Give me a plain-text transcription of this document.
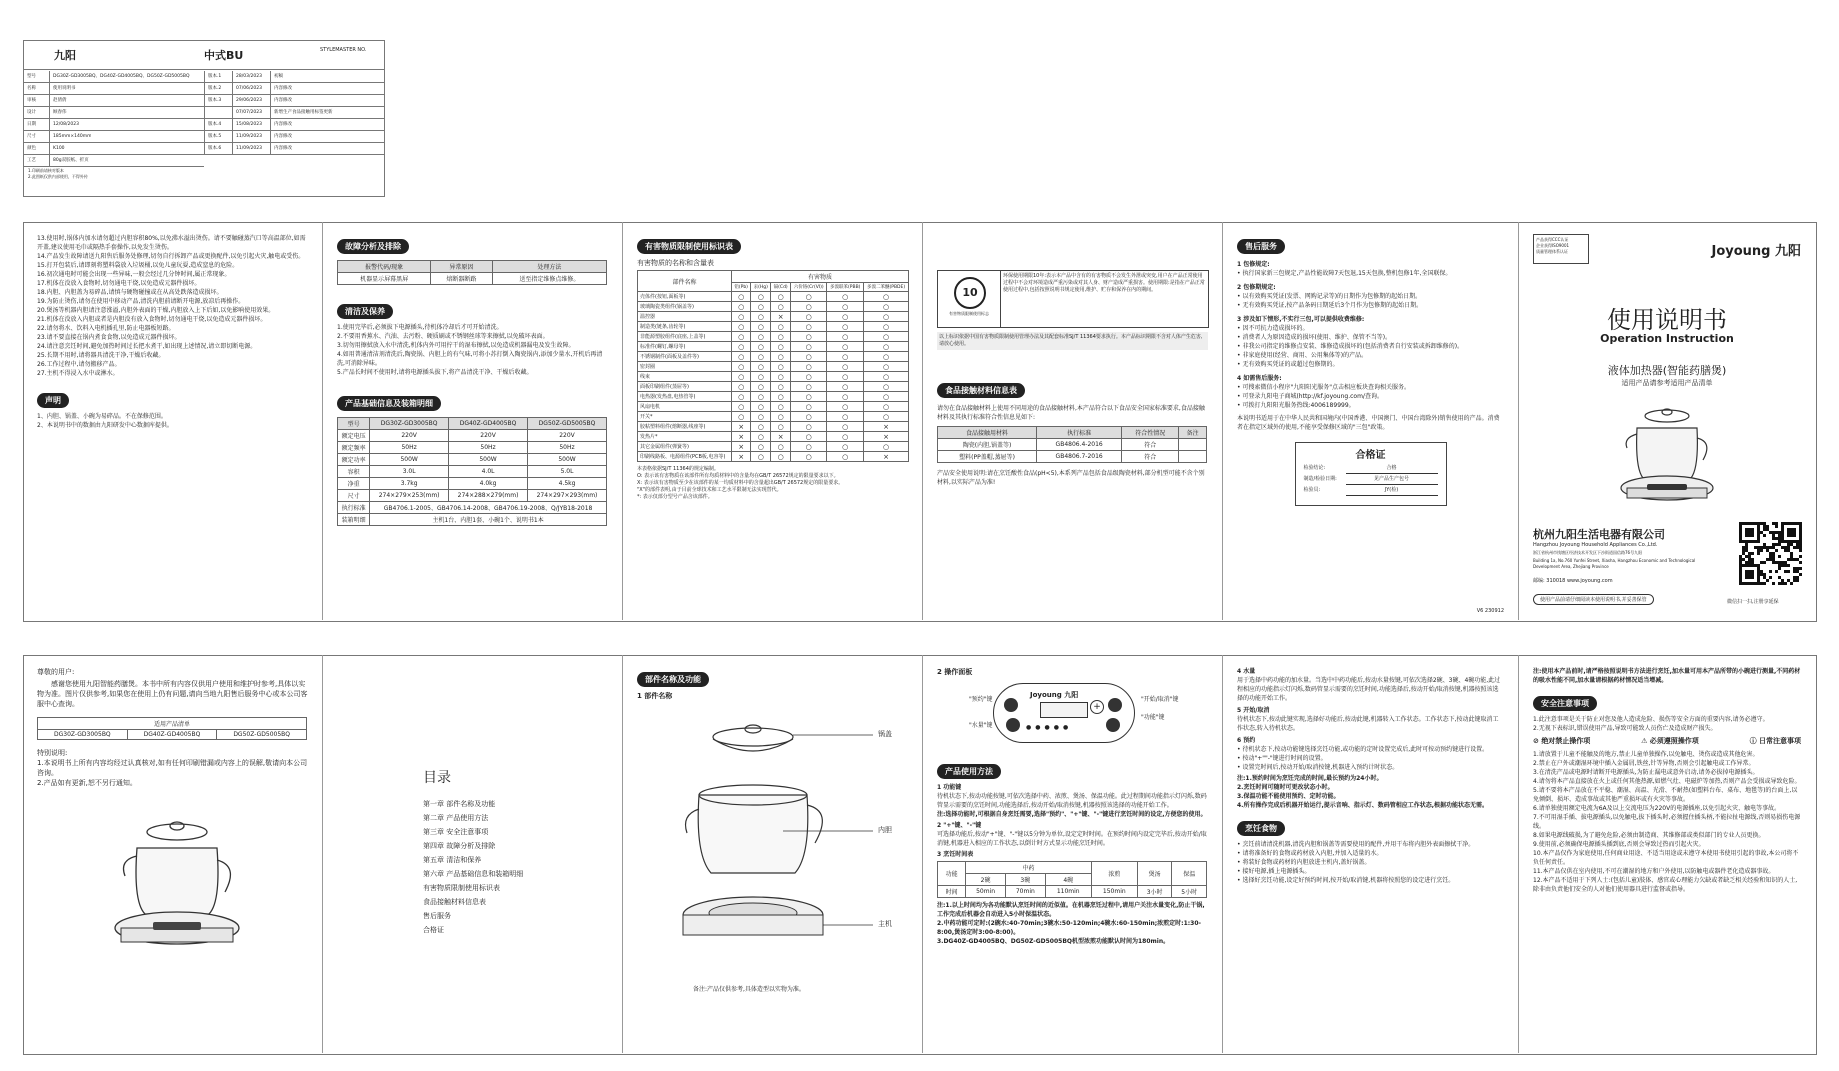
九阳	中式BU	STYLEMASTER NO.
型号	DG30Z-GD3005BQ、DG40Z-GD4005BQ、DG50Z-GD5005BQ
名称	使用说明书
审核	赵倩倩
设计	顾春伟
日期	12/08/2023
尺寸	185mm×140mm
颜色	K100
工艺	80g双胶纸、折页
版本.1	28/03/2023	初稿
版本.2	07/06/2023	内容修改
版本.3	29/06/2023	内容修改
07/07/2023	新增生产食品接触用标签更新
版本.4	15/08/2023	内容修改
版本.5	11/09/2023	内容修改
版本.6	11/09/2023	内容修改
1.印刷前请核对版本
2.此图纸仅供内部使用，不得外传
13.使用时,锅体内加水请勿超过内胆容积80%,以免沸水溢出烫伤。请不要触碰蒸汽口等高温部位,如需开盖,建议使用毛巾或隔热手套操作,以免发生烫伤。
14.产品发生故障请送九阳售后服务处修理,切勿自行拆卸产品或更换配件,以免引起火灾,触电或受伤。
15.打开包装后,请即刻将塑料袋放入垃圾桶,以免儿童玩耍,造成窒息的危险。
16.初次通电时可能会出现一些异味,一般会经过几分钟时间,属正常现象。
17.机体在没放入食物时,切勿通电干烧,以免造成元器件损坏。
18.内胆、内胆盖为易碎品,请慎与硬物碰撞或在从高处跌落造成损坏。
19.为防止烫伤,请勿在使用中移动产品,清洗内胆前请断开电源,放凉后再操作。
20.煲汤等机器内胆请注意涨溢,内胆外表面的干燥,内胆放入上下后如,以免影响使用效果。
21.机体在没放入内胆或者是内胆没有放入食物时,切勿通电干烧,以免造成元器件损坏。
22.请勿将水、饮料入电机插孔里,防止电器板短路。
23.请不要直接在锅内煮食食物,以免造成元器件损坏。
24.请注意烹饪时间,避免加热时间过长把水煮干,如出现上述情况,请立即切断电源。
25.长期不用时,请将器具清洗干净,干燥后收藏。
26.工作过程中,请勿搬移产品。
27.主机不得浸入水中或淋水。
声明
1、内胆、锅盖、小碗为易碎品。不在保修范围。
2、本说明书中的数据由九阳研发中心数据库提供。
故障分析及排除
报警代码/现象	异常原因	处理方法
机器显示屏幕黑屏	熔断器断路	送至指定维修点维修。
清洁及保养
1.使用完毕后,必须拔下电源插头,待机体冷却后才可开始清洗。
2.不要用香蕉水、汽油、去污粉、硬质刷或不锈钢丝球等来擦拭,以免破坏表面。
3.切勿用擦拭放入水中清洗,机体内外可用拧干的湿布擦拭,以免造成机器漏电及发生故障。
4.如用普通清洁剂清洗后,陶瓷锅、内胆上的有气味,可将小苏打倒入陶瓷锅内,添加少量水,开机后再清洗,可消除异味。
5.产品长时间不使用时,请将电源插头拔下,将产品清洗干净、干燥后收藏。
产品基础信息及装箱明细
型号	DG30Z-GD3005BQ	DG40Z-GD4005BQ	DG50Z-GD5005BQ
额定电压	220V	220V	220V
额定频率	50Hz	50Hz	50Hz
额定功率	500W	500W	500W
容积	3.0L	4.0L	5.0L
净重	3.7kg	4.0kg	4.5kg
尺寸	274×279×253(mm)	274×288×279(mm)	274×297×293(mm)
执行标准	GB4706.1-2005、GB4706.14-2008、GB4706.19-2008、Q/JYB18-2018		
装箱明细	主机1台、内胆1套、小碗1个、说明书1本		
有害物质限制使用标识表
有害物质的名称和含量表
部件名称	有害物质					
	铅(Pb)	汞(Hg)	镉(Cd)	六价铬(Cr(VI))	多溴联苯(PBB)	多溴二苯醚(PBDE)
壳体件(按钮,面板等)	○	○	○	○	○	○
玻璃陶瓷类组件(锅盖等)	○	○	○	○	○	○
温控器	○	○	×	○	○	○
制造类(链条,齿轮等)	○	○	○	○	○	○
非能源塑胶组件(底座,上盖等)	○	○	○	○	○	○
标准件(螺钉,螺母等)	○	○	○	○	○	○
不锈钢制件(面板及盖件等)	○	○	○	○	○	○
密封圈	○	○	○	○	○	○
线束	○	○	○	○	○	○
面板印刷组件(蒸屉等)	○	○	○	○	○	○
电热器(发热盘,电热管等)	○	○	○	○	○	○
风扇电机	○	○	○	○	○	○
开关*	○	○	○	○	○	○
胶粘塑料组件(熔断器,线座等)	×	○	○	○	○	×
发热片*	×	○	×	○	○	×
其它金属组件(弹簧等)	×	○	○	○	○	○
印刷线路板、电源组件(PCB板,电容等)	×	○	○	○	○	×
本表格依据SJ/T 11364的规定编制。
O: 表示该有害物质在该部件所有均质材料中的含量均在GB/T 26572规定的限量要求以下。
X: 表示该有害物质至少在该部件的某一均质材料中的含量超出GB/T 26572规定的限量要求。
"X"的部件表明,由于目前全球技术和工艺水平限制无法实现替代。
*: 表示仅部分型号产品含该部件。
10
有害物质限制使用标志
环保使用期限10年:表示本产品中含有的有害物质不会发生外泄或突变,用户在产品正常使用过程中不会对环境造成严重污染或对其人身、财产造成严重损害。使用期限:是指在产品正常使用过程中,包括按照说明书规定使用,维护、贮存和保养在内的期间。
以上标识依据中国有害物质限制使用管理办法及其配套标准SJ/T 11364要求执行。本产品标识期限不含对人体产生危害,请放心使用。
食品接触材料信息表
请勿在食品接触材料上使用不同用途的食品接触材料,本产品符合以下食品安全国家标准要求,食品接触材料及其执行标准符合性信息见如下:
食品接触用材料	执行标准	符合性情况	备注
陶瓷(内胆,锅盖等)	GB4806.4-2016	符合	
塑料(PP盖帽,蒸屉等)	GB4806.7-2016	符合	
产品安全使用说明:请在烹饪酸性食品(pH<5),本系列产品包括食品级陶瓷材料,部分机型可能不含个别材料,以实际产品为准!
售后服务
1 包修规定:
• 执行国家新三包规定,产品性能故障7天包退,15天包换,整机包修1年,全国联保。
2 包修期规定:
• 以有效购买凭证(发票、网购记录等)的日期作为包修期的起始日期。
• 无有效购买凭证,按产品条码日期延后3个月作为包修期的起始日期。
3 涉及如下情形,不实行三包,可以提供收费维修:
• 因不可抗力造成损坏的。
• 消费者人为原因造成的损坏(使用、维护、保管不当等)。
• 非我公司指定的维修点安装、维修造成损坏的(包括消费者自行安装或拆卸维修的)。
• 非家庭使用(经营、商用、公用集体等)的产品。
• 无有效购买凭证的或超过包修期的。
4 如需售后服务:
• 可搜索微信小程序"九阳阳光服务"点击相应板块查询相关服务。
• 可登录九阳电子商城(http://kf.joyoung.com/查询。
• 可拨打九阳阳光服务热线:4006189999。
本说明书适用于在中华人民共和国境内(中国香港、中国澳门、中国台湾除外)销售使用的产品。消费者在指定区域外的使用,不能享受保修区域的"三包"政策。
合格证
检验结论:	合格
制造/检验日期:	见产品生产包号
检验员:	JY(检)
V6 230912
产品获得CCC认证
企业获得ISO9001
质量管理体系认证	Joyoung 九阳
使用说明书
Operation Instruction
液体加热器(智能药膳煲)
适用产品请参考适用产品清单
杭州九阳生活电器有限公司
Hangzhou Joyoung Household Appliances Co.,Ltd.
浙江省杭州市钱塘区经济技术开发区下沙街道国信路76号九阳
Building 1a, No.760 Yunfei Street, Xiasha, Hangzhou Economic and Technological Development Area, Zhejiang Province
邮编: 310018 www.joyoung.com
使用产品前请仔细阅读本使用说明书,并妥善保管	微信扫一扫,注册享延保
尊敬的用户:
感谢您使用九阳智能药膳煲。本书中所有内容仅供用户使用和维护时参考,具体以实物为准。图片仅供参考,如果您在使用上仍有问题,请向当地九阳售后服务中心或本公司客服中心查询。
适用产品清单
DG30Z-GD3005BQ	DG40Z-GD4005BQ	DG50Z-GD5005BQ
特别说明:
1.本说明书上所有内容均经过认真核对,如有任何印刷错漏或内容上的误解,敬请向本公司咨询。
2.产品如有更新,恕不另行通知。	目录
第一章 部件名称及功能
第二章 产品使用方法
第三章 安全注意事项
第四章 故障分析及排除
第五章 清洁和保养
第六章 产品基础信息和装箱明细
有害物质限制使用标识表
食品接触材料信息表
售后服务
合格证
部件名称及功能
1 部件名称
锅盖
内胆
主机
备注:产品仅供参考,具体造型以实物为准。
2 操作面板
Joyoung 九阳
+
●●●●●
"预约"键
"水量"键
"开始/取消"键
"功能"键
产品使用方法
1 功能键
待机状态下,按动功能按键,可依次选择中药、浓煎、煲汤、保温功能。此过程期间功能指示灯闪烁,数码管显示需要的烹饪时间,功能选择后,按动开始/取消按键,机器按照该选择的功能开始工作。
注:选择功能时,可根据自身烹饪需要,选择"预约"、"+"键、"-"键进行烹饪时间的设定,方便您的使用。
2 "+"键、"-"键
可选择功能后,按动"+"键、"-"键以5分钟为单位,设定定时时间。在预约时间内设定完毕后,按动开始/取消键,机器进入相应的工作状态,以倒计时方式显示功能烹饪时间。
3 烹饪时间表
功能	中药			浓煎	煲汤	保温
	2碗	3碗	4碗			
时间	50min	70min	110min	150min	3小时	5小时
注:1.以上时间均为各功能默认烹饪时间的近似值。在机器烹饪过程中,请用户关注水量变化,防止干锅,工作完成后机器会自动进入5小时保温状态。
2.中药功能可定时:(2碗水:40-70min;3碗水:50-120min;4碗水:60-150min;浓煎定时:1:30-8:00,煲汤定时3:00-8:00)。
3.DG40Z-GD4005BQ、DG50Z-GD5005BQ机型浓煎功能默认时间为180min。
4 水量
用于选择中药功能的加水量。当选中中药功能后,按动水量按键,可依次选择2碗、3碗、4碗功能,此过程相应的功能指示灯闪烁,数码管显示需要的烹饪时间,功能选择后,按动开始/取消按键,机器按照该选择的功能开始工作。
5 开始/取消
待机状态下,按动此键实现,选择好功能后,按动此键,机器转入工作状态。工作状态下,按动此键取消工作状态,转入待机状态。
6 预约
• 待机状态下,按动功能键选择烹饪功能,或功能的定时设置完成后,此时可按动预约键进行设置。
• 按动"+""-"键进行时间的设置。
• 设置完时间后,按动开始/取消按键,机器进入预约计时状态。
注:1.预约时间为烹饪完成的时间,最长预约为24小时。
2.烹饪时间可随时可更改状态小时。
3.保温功能不能使用预约、定时功能。
4.所有操作完成后机器开始运行,提示音响、指示灯、数码管相应工作状态,根据功能状态无需。
烹饪食物
• 烹饪前请清洗机器,清洗内胆和锅盖等需要使用的配件,并用干布将内胆外表面擦拭干净。
• 请将准备好的食物或药材放入内胆,并加入适量的水。
• 将装好食物或药材的内胆放进主机内,盖好锅盖。
• 接好电源,插上电源插头。
• 选择好烹饪功能,设定好预约时间,按开始/取消键,机器将按照您的设定进行烹饪。
注:使用本产品前时,请严格按照说明书方法进行烹饪,加水量可用本产品所带的小碗进行测量,不同药材的吸水性能不同,加水量请根据药材情况适当增减。
安全注意事项
1.此注意事项是关于防止对您及他人造成危险、损伤等安全方面的重要内容,请务必遵守。
2.无视下表标识,错误使用产品,导致可能致人员伤亡及造成财产损失。
⊘ 绝对禁止操作项	⚠ 必须遵照操作项	ⓘ 日常注意事项
1.请放置于儿童不能触及的地方,禁止儿童单独操作,以免触电、烫伤或造成其他危害。
2.禁止在户外或潮湿环境中插入金属屑,铁丝,针等异物,否则会引起触电或工作异常。
3.在清洗产品或电源时请断开电源插头,为防止漏电或意外启动,请务必拔掉电源插头。
4.请勿将本产品直接放在火上或任何其他热源,如燃气灶、电磁炉等加热,否则产品会受损或导致危险。
5.请不要将本产品放在不平稳、潮湿、高温、光滑、不耐热(如塑料台布、桌布、地毯等)的台面上,以免倾倒、损坏、造成事故或其他严重损坏或有火灾等事故。
6.请单独使用额定电流为6A及以上交流电压为220V的电源插座,以免引起火灾、触电等事故。
7.不可用湿手插、拔电源插头,以免触电,拔下插头时,必须握住插头柄,不能拉扯电源线,否则易损伤电源线。
8.如果电源线破损,为了避免危险,必须由制造商、其维修部或类似部门的专业人员更换。
9.使用前,必须确保电源插头插到底,否则会导致过热而引起火灾。
10.本产品仅作为家庭使用,任何商业用途、不适当用途或未遵守本使用书使用引起的事故,本公司将不负任何责任。
11.本产品仅供在室内使用,不可在潮湿的地方和户外使用,以防触电或器件老化造成器事故。
12.本产品不适用于下列人士:(包括儿童)肢体、感官或心理能力欠缺或者缺乏相关经验和知识的人士,除非由负责他们安全的人对他们使用器具进行监督或指导。
